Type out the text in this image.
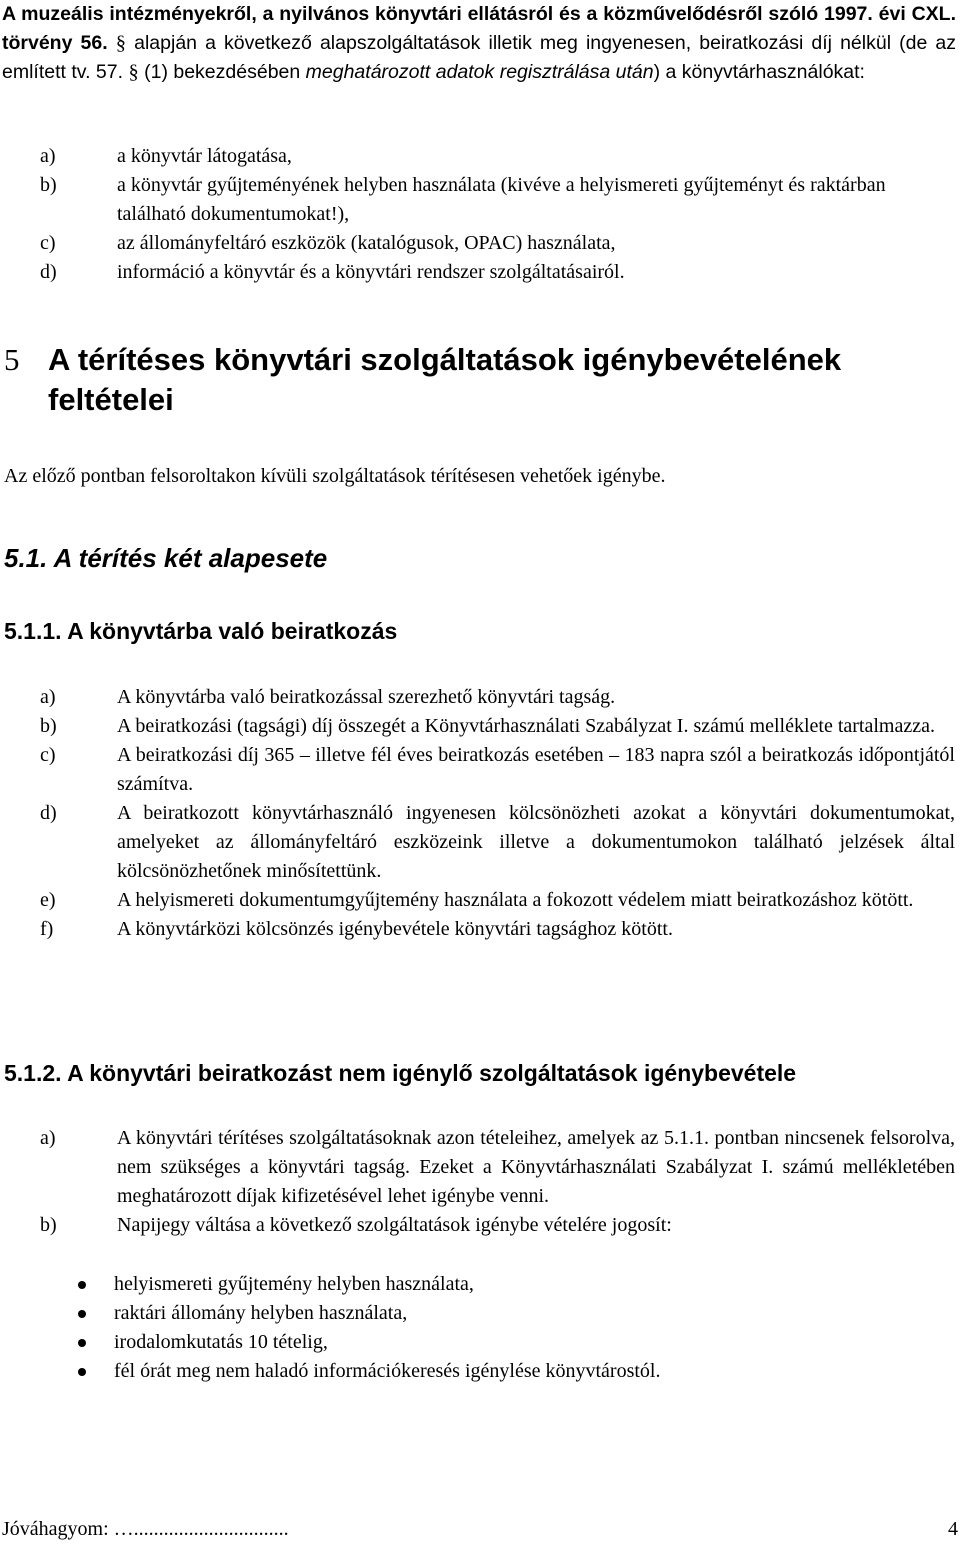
A muzeális intézményekről, a nyilvános könyvtári ellátásról és a közművelődésről szóló 1997. évi CXL. törvény 56. § alapján a következő alapszolgáltatások illetik meg ingyenesen, beiratkozási díj nélkül (de az említett tv. 57. § (1) bekezdésében meghatározott adatok regisztrálása után) a könyvtárhasználókat:

a)	a könyvtár látogatása,
b)	a könyvtár gyűjteményének helyben használata (kivéve a helyismereti gyűjteményt és raktárban található dokumentumokat!),
c)	az állományfeltáró eszközök (katalógusok, OPAC) használata,
d)	információ a könyvtár és a könyvtári rendszer szolgáltatásairól.
5 A térítéses könyvtári szolgáltatások igénybevételének feltételei

Az előző pontban felsoroltakon kívüli szolgáltatások térítésesen vehetőek igénybe.

5.1. A térítés két alapesete
5.1.1. A könyvtárba való beiratkozás
a)	A könyvtárba való beiratkozással szerezhető könyvtári tagság.
b)	A beiratkozási (tagsági) díj összegét a Könyvtárhasználati Szabályzat I. számú melléklete tartalmazza.
c)	A beiratkozási díj 365 – illetve fél éves beiratkozás esetében – 183 napra szól a beiratkozás időpontjától számítva.
d)	A beiratkozott könyvtárhasználó ingyenesen kölcsönözheti azokat a könyvtári dokumentumokat, amelyeket az állományfeltáró eszközeink illetve a dokumentumokon található jelzések által kölcsönözhetőnek minősítettünk.
e)	A helyismereti dokumentumgyűjtemény használata a fokozott védelem miatt beiratkozáshoz kötött.
f)	A könyvtárközi kölcsönzés igénybevétele könyvtári tagsághoz kötött.
5.1.2. A könyvtári beiratkozást nem igénylő szolgáltatások igénybevétele
a)	A könyvtári térítéses szolgáltatásoknak azon tételeihez, amelyek az 5.1.1. pontban nincsenek felsorolva, nem szükséges a könyvtári tagság. Ezeket a Könyvtárhasználati Szabályzat I. számú mellékletében meghatározott díjak kifizetésével lehet igénybe venni.
b)	Napijegy váltása a következő szolgáltatások igénybe vételére jogosít:
helyismereti gyűjtemény helyben használata,
raktári állomány helyben használata,
irodalomkutatás 10 tételig,
fél órát meg nem haladó információkeresés igénylése könyvtárostól.
Jóváhagyom: …...............................	4
